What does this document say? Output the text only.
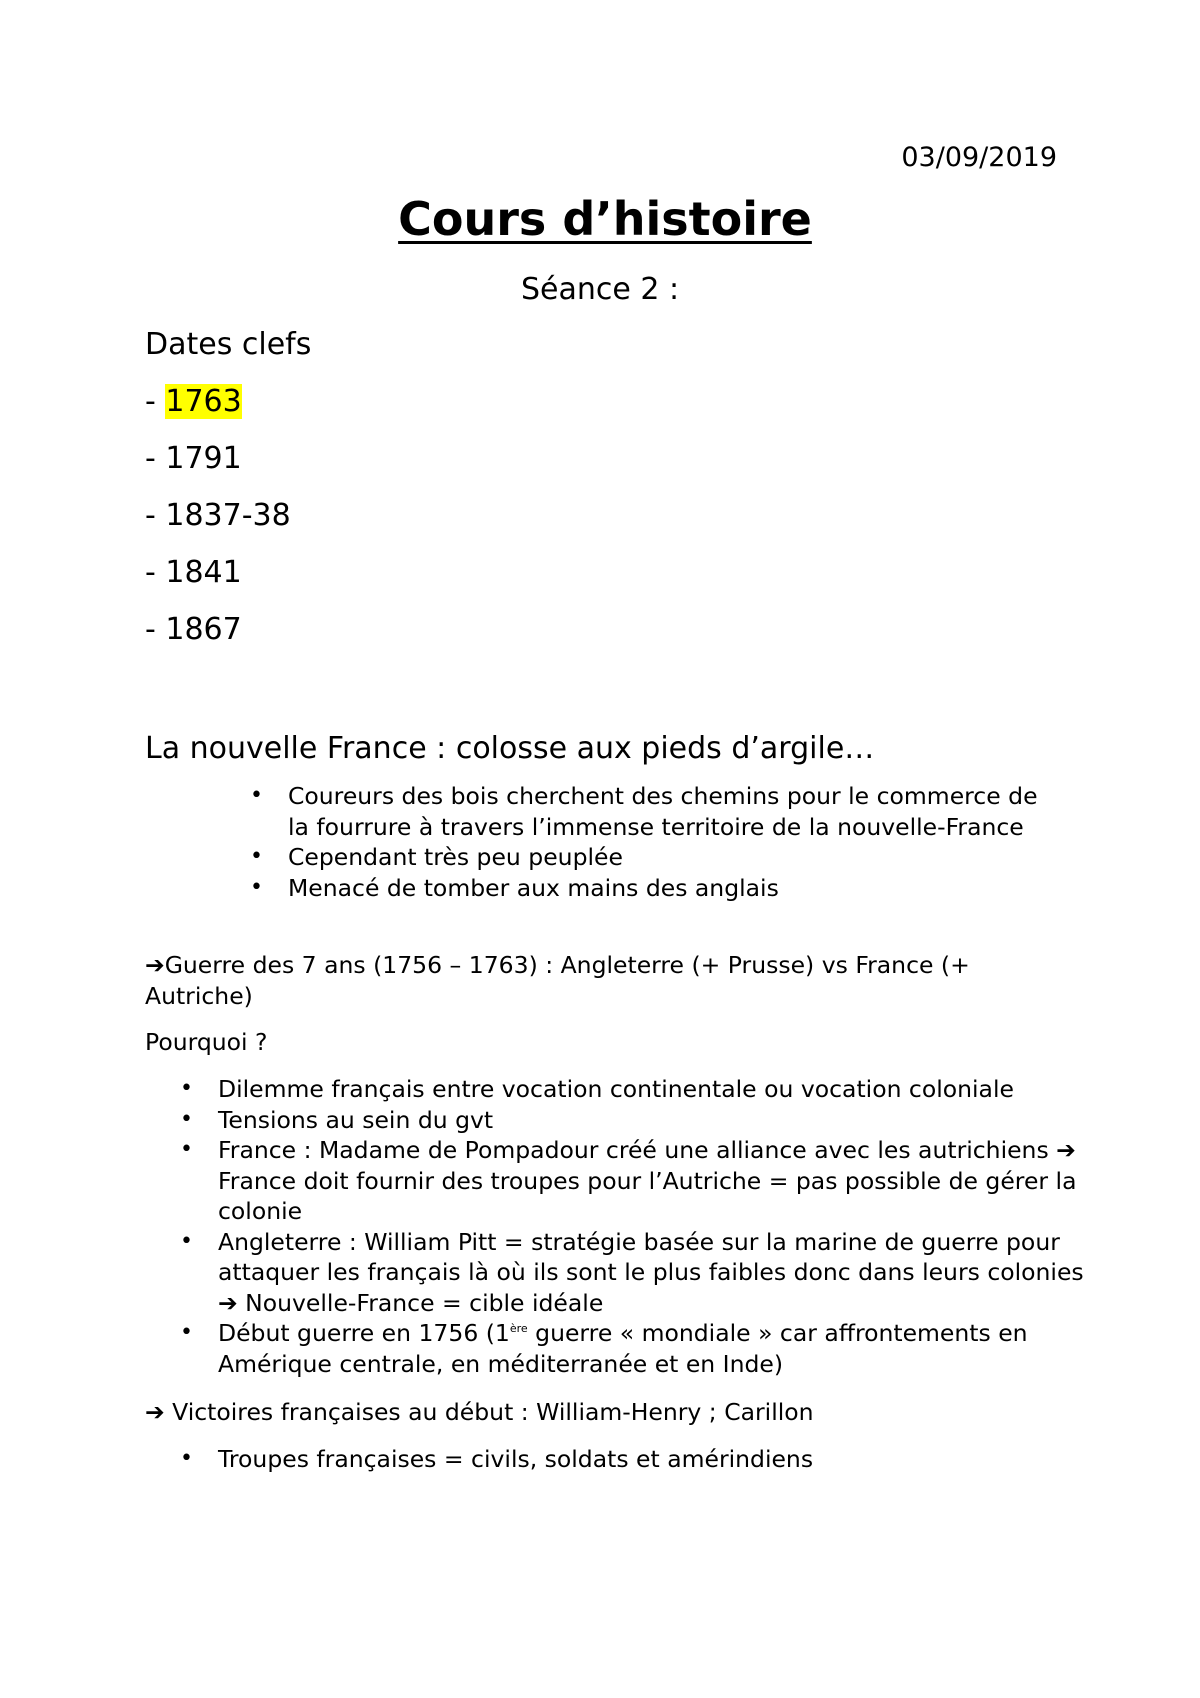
03/09/2019
Cours d’histoire
Séance 2 :
Dates clefs
- 1763
- 1791
- 1837-38
- 1841
- 1867
La nouvelle France : colosse aux pieds d’argile…
• Coureurs des bois cherchent des chemins pour le commerce de la fourrure à travers l’immense territoire de la nouvelle-France
• Cependant très peu peuplée
• Menacé de tomber aux mains des anglais
➔Guerre des 7 ans (1756 – 1763) : Angleterre (+ Prusse) vs France (+ Autriche)
Pourquoi ?
• Dilemme français entre vocation continentale ou vocation coloniale
• Tensions au sein du gvt
• France : Madame de Pompadour créé une alliance avec les autrichiens ➔ France doit fournir des troupes pour l’Autriche = pas possible de gérer la colonie
• Angleterre : William Pitt = stratégie basée sur la marine de guerre pour attaquer les français là où ils sont le plus faibles donc dans leurs colonies ➔ Nouvelle-France = cible idéale
• Début guerre en 1756 (1ère guerre « mondiale » car affrontements en Amérique centrale, en méditerranée et en Inde)
➔ Victoires françaises au début : William-Henry ; Carillon
• Troupes françaises = civils, soldats et amérindiens
